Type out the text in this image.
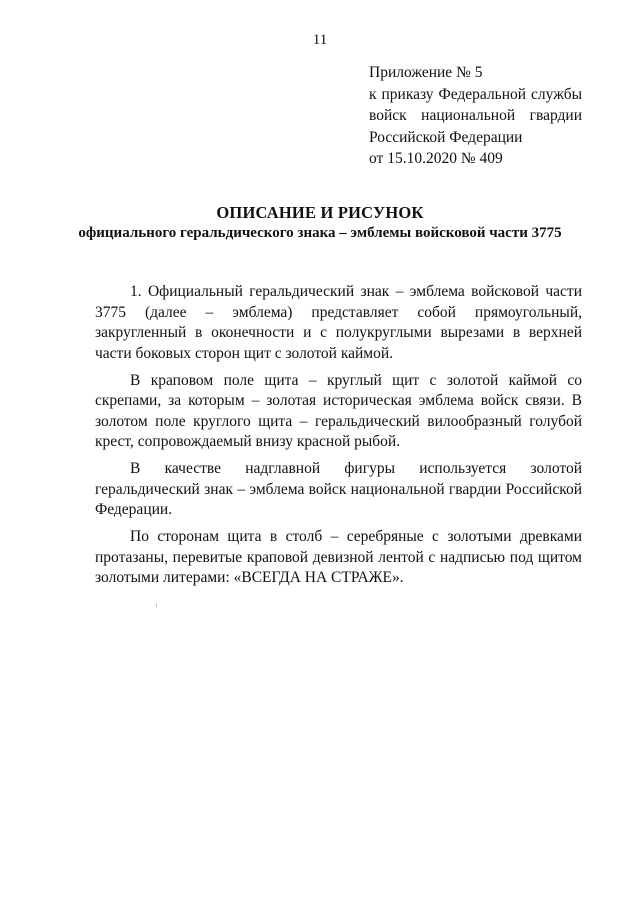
11
Приложение № 5
к приказу Федеральной службы
войск национальной гвардии
Российской Федерации
от 15.10.2020 № 409
ОПИСАНИЕ И РИСУНОК
официального геральдического знака – эмблемы войсковой части 3775

1. Официальный геральдический знак – эмблема войсковой части 3775 (далее – эмблема) представляет собой прямоугольный, закругленный в оконечности и с полукруглыми вырезами в верхней части боковых сторон щит с золотой каймой.

В краповом поле щита – круглый щит с золотой каймой со скрепами, за которым – золотая историческая эмблема войск связи. В золотом поле круглого щита – геральдический вилообразный голубой крест, сопровождаемый внизу красной рыбой.

В качестве надглавной фигуры используется золотой геральдический знак – эмблема войск национальной гвардии Российской Федерации.

По сторонам щита в столб – серебряные с золотыми древками протазаны, перевитые краповой девизной лентой с надписью под щитом золотыми литерами: «ВСЕГДА НА СТРАЖЕ».
